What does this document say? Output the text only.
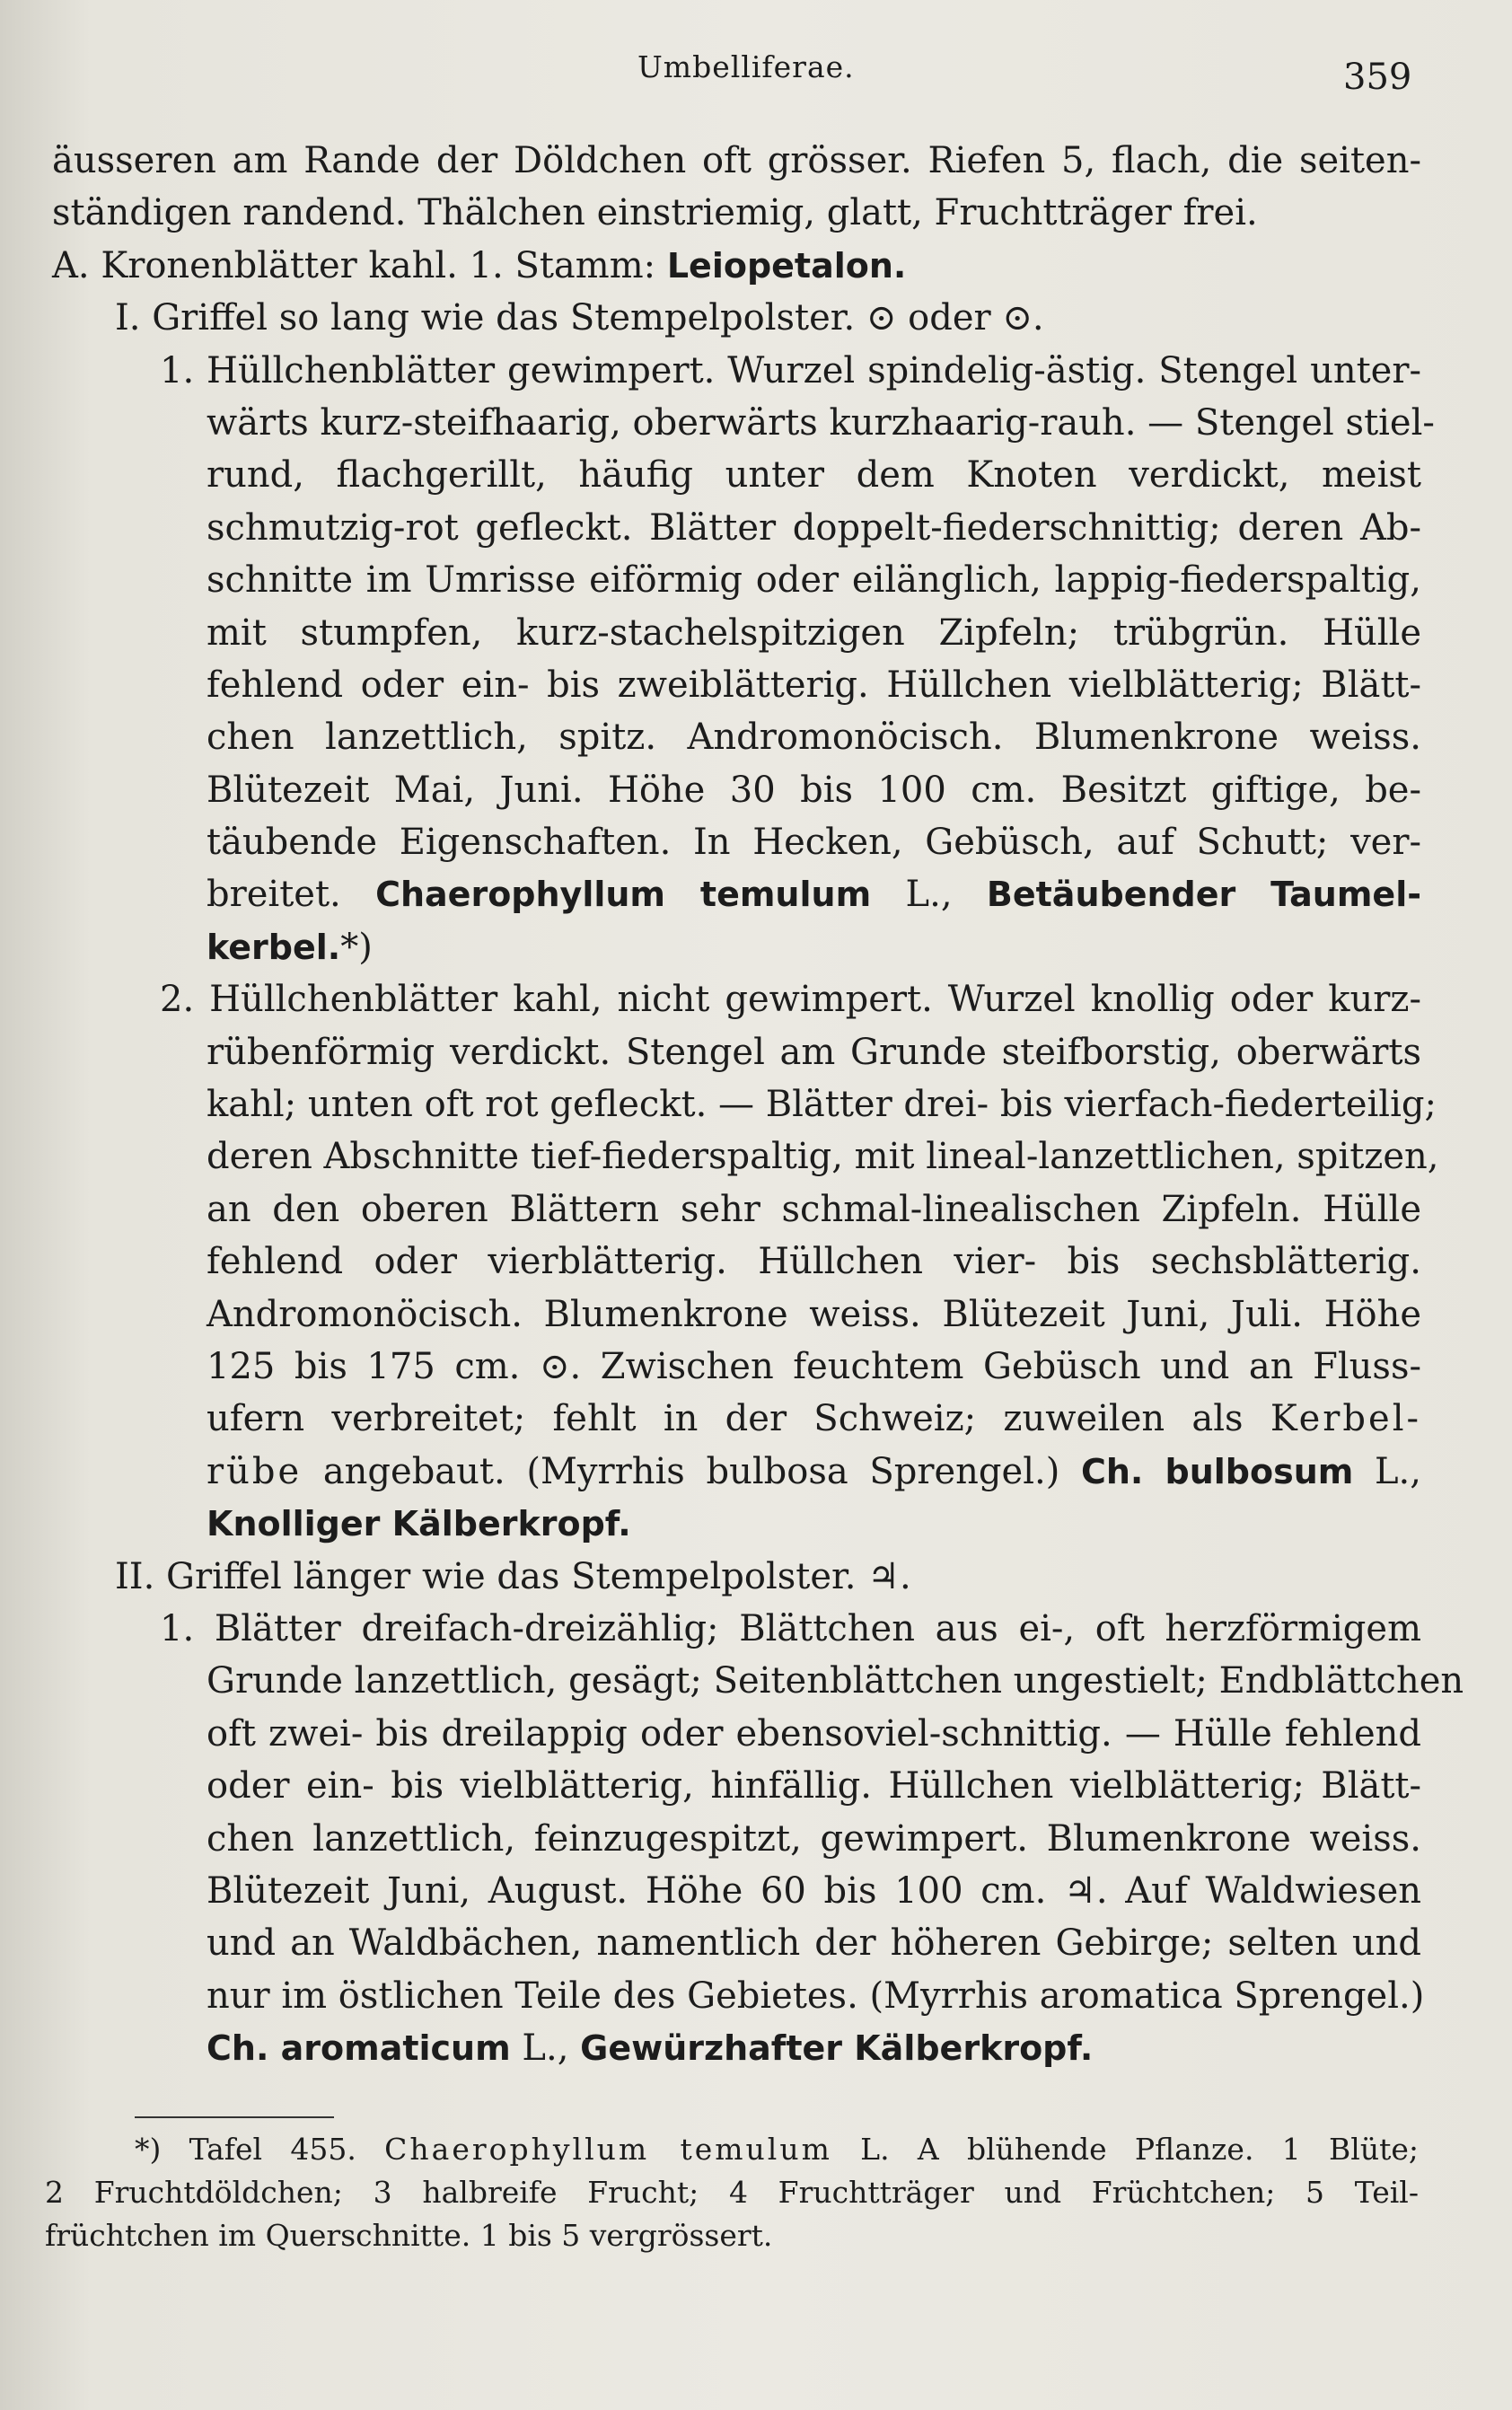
Umbelliferae.	359
äusseren am Rande der Döldchen oft grösser. Riefen 5, flach, die seiten-
ständigen randend. Thälchen einstriemig, glatt, Fruchtträger frei.
A. Kronenblätter kahl. 1. Stamm: Leiopetalon.
I. Griffel so lang wie das Stempelpolster. ⊙ oder ⊙.
1. Hüllchenblätter gewimpert. Wurzel spindelig-ästig. Stengel unter-
wärts kurz-steifhaarig, oberwärts kurzhaarig-rauh. — Stengel stiel-
rund, flachgerillt, häufig unter dem Knoten verdickt, meist
schmutzig-rot gefleckt. Blätter doppelt-fiederschnittig; deren Ab-
schnitte im Umrisse eiförmig oder eilänglich, lappig-fiederspaltig,
mit stumpfen, kurz-stachelspitzigen Zipfeln; trübgrün. Hülle
fehlend oder ein- bis zweiblätterig. Hüllchen vielblätterig; Blätt-
chen lanzettlich, spitz. Andromonöcisch. Blumenkrone weiss.
Blütezeit Mai, Juni. Höhe 30 bis 100 cm. Besitzt giftige, be-
täubende Eigenschaften. In Hecken, Gebüsch, auf Schutt; ver-
breitet. Chaerophyllum temulum L., Betäubender Taumel-
kerbel.*)
2. Hüllchenblätter kahl, nicht gewimpert. Wurzel knollig oder kurz-
rübenförmig verdickt. Stengel am Grunde steifborstig, oberwärts
kahl; unten oft rot gefleckt. — Blätter drei- bis vierfach-fiederteilig;
deren Abschnitte tief-fiederspaltig, mit lineal-lanzettlichen, spitzen,
an den oberen Blättern sehr schmal-linealischen Zipfeln. Hülle
fehlend oder vierblätterig. Hüllchen vier- bis sechsblätterig.
Andromonöcisch. Blumenkrone weiss. Blütezeit Juni, Juli. Höhe
125 bis 175 cm. ⊙. Zwischen feuchtem Gebüsch und an Fluss-
ufern verbreitet; fehlt in der Schweiz; zuweilen als Kerbel-
rübe angebaut. (Myrrhis bulbosa Sprengel.) Ch. bulbosum L.,
Knolliger Kälberkropf.
II. Griffel länger wie das Stempelpolster. ♃.
1. Blätter dreifach-dreizählig; Blättchen aus ei-, oft herzförmigem
Grunde lanzettlich, gesägt; Seitenblättchen ungestielt; Endblättchen
oft zwei- bis dreilappig oder ebensoviel-schnittig. — Hülle fehlend
oder ein- bis vielblätterig, hinfällig. Hüllchen vielblätterig; Blätt-
chen lanzettlich, feinzugespitzt, gewimpert. Blumenkrone weiss.
Blütezeit Juni, August. Höhe 60 bis 100 cm. ♃. Auf Waldwiesen
und an Waldbächen, namentlich der höheren Gebirge; selten und
nur im östlichen Teile des Gebietes. (Myrrhis aromatica Sprengel.)
Ch. aromaticum L., Gewürzhafter Kälberkropf.
*) Tafel 455. Chaerophyllum temulum L. A blühende Pflanze. 1 Blüte;
2 Fruchtdöldchen; 3 halbreife Frucht; 4 Fruchtträger und Früchtchen; 5 Teil-
früchtchen im Querschnitte. 1 bis 5 vergrössert.
